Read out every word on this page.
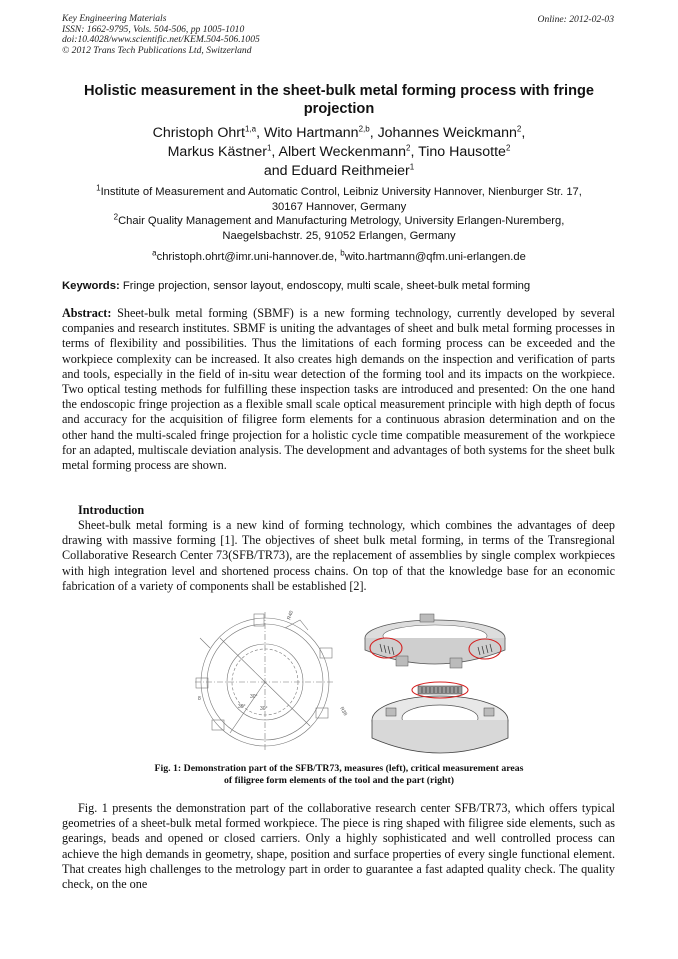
Key Engineering Materials
ISSN: 1662-9795, Vols. 504-506, pp 1005-1010
doi:10.4028/www.scientific.net/KEM.504-506.1005
© 2012 Trans Tech Publications Ltd, Switzerland
Online: 2012-02-03
Holistic measurement in the sheet-bulk metal forming process with fringe projection
Christoph Ohrt$^{1,a}$, Wito Hartmann$^{2,b}$, Johannes Weickmann$^2$,
Markus Kästner$^1$, Albert Weckenmann$^2$, Tino Hausotte$^2$
and Eduard Reithmeier$^1$
$^1$Institute of Measurement and Automatic Control, Leibniz University Hannover, Nienburger Str. 17,
30167 Hannover, Germany
$^2$Chair Quality Management and Manufacturing Metrology, University Erlangen-Nuremberg,
Naegelsbachstr. 25, 91052 Erlangen, Germany
$^a$christoph.ohrt@imr.uni-hannover.de, $^b$wito.hartmann@qfm.uni-erlangen.de
Keywords: Fringe projection, sensor layout, endoscopy, multi scale, sheet-bulk metal forming
Abstract: Sheet-bulk metal forming (SBMF) is a new forming technology, currently developed by several companies and research institutes. SBMF is uniting the advantages of sheet and bulk metal forming processes in terms of flexibility and possibilities. Thus the limitations of each forming process can be exceeded and the workpiece complexity can be increased. It also creates high demands on the inspection and verification of parts and tools, especially in the field of in-situ wear detection of the forming tool and its impacts on the workpiece. Two optical testing methods for fulfilling these inspection tasks are introduced and presented: On the one hand the endoscopic fringe projection as a flexible small scale optical measurement principle with high depth of focus and accuracy for the acquisition of filigree form elements for a continuous abrasion determination and on the other hand the multi-scaled fringe projection for a holistic cycle time compatible measurement of the workpiece for an adapted, multiscale deviation analysis. The development and advantages of both systems for the sheet bulk metal forming process are shown.
Introduction
Sheet-bulk metal forming is a new kind of forming technology, which combines the advantages of deep drawing with massive forming [1]. The objectives of sheet bulk metal forming, in terms of the Transregional Collaborative Research Center 73(SFB/TR73), are the replacement of assemblies by single complex workpieces with high integration level and shortened process chains. On top of that the knowledge base for an economic fabrication of a variety of components shall be established [2].
R40
30°
30°	30°
8
R38
Fig. 1: Demonstration part of the SFB/TR73, measures (left), critical measurement areas
of filigree form elements of the tool and the part (right)
Fig. 1 presents the demonstration part of the collaborative research center SFB/TR73, which offers typical geometries of a sheet-bulk metal formed workpiece. The piece is ring shaped with filigree side elements, such as gearings, beads and opened or closed carriers. Only a highly sophisticated and well controlled process can achieve the high demands in geometry, shape, position and surface properties of every single functional element. That creates high challenges to the metrology part in order to guarantee a fast adapted quality check. The quality check, on the one
